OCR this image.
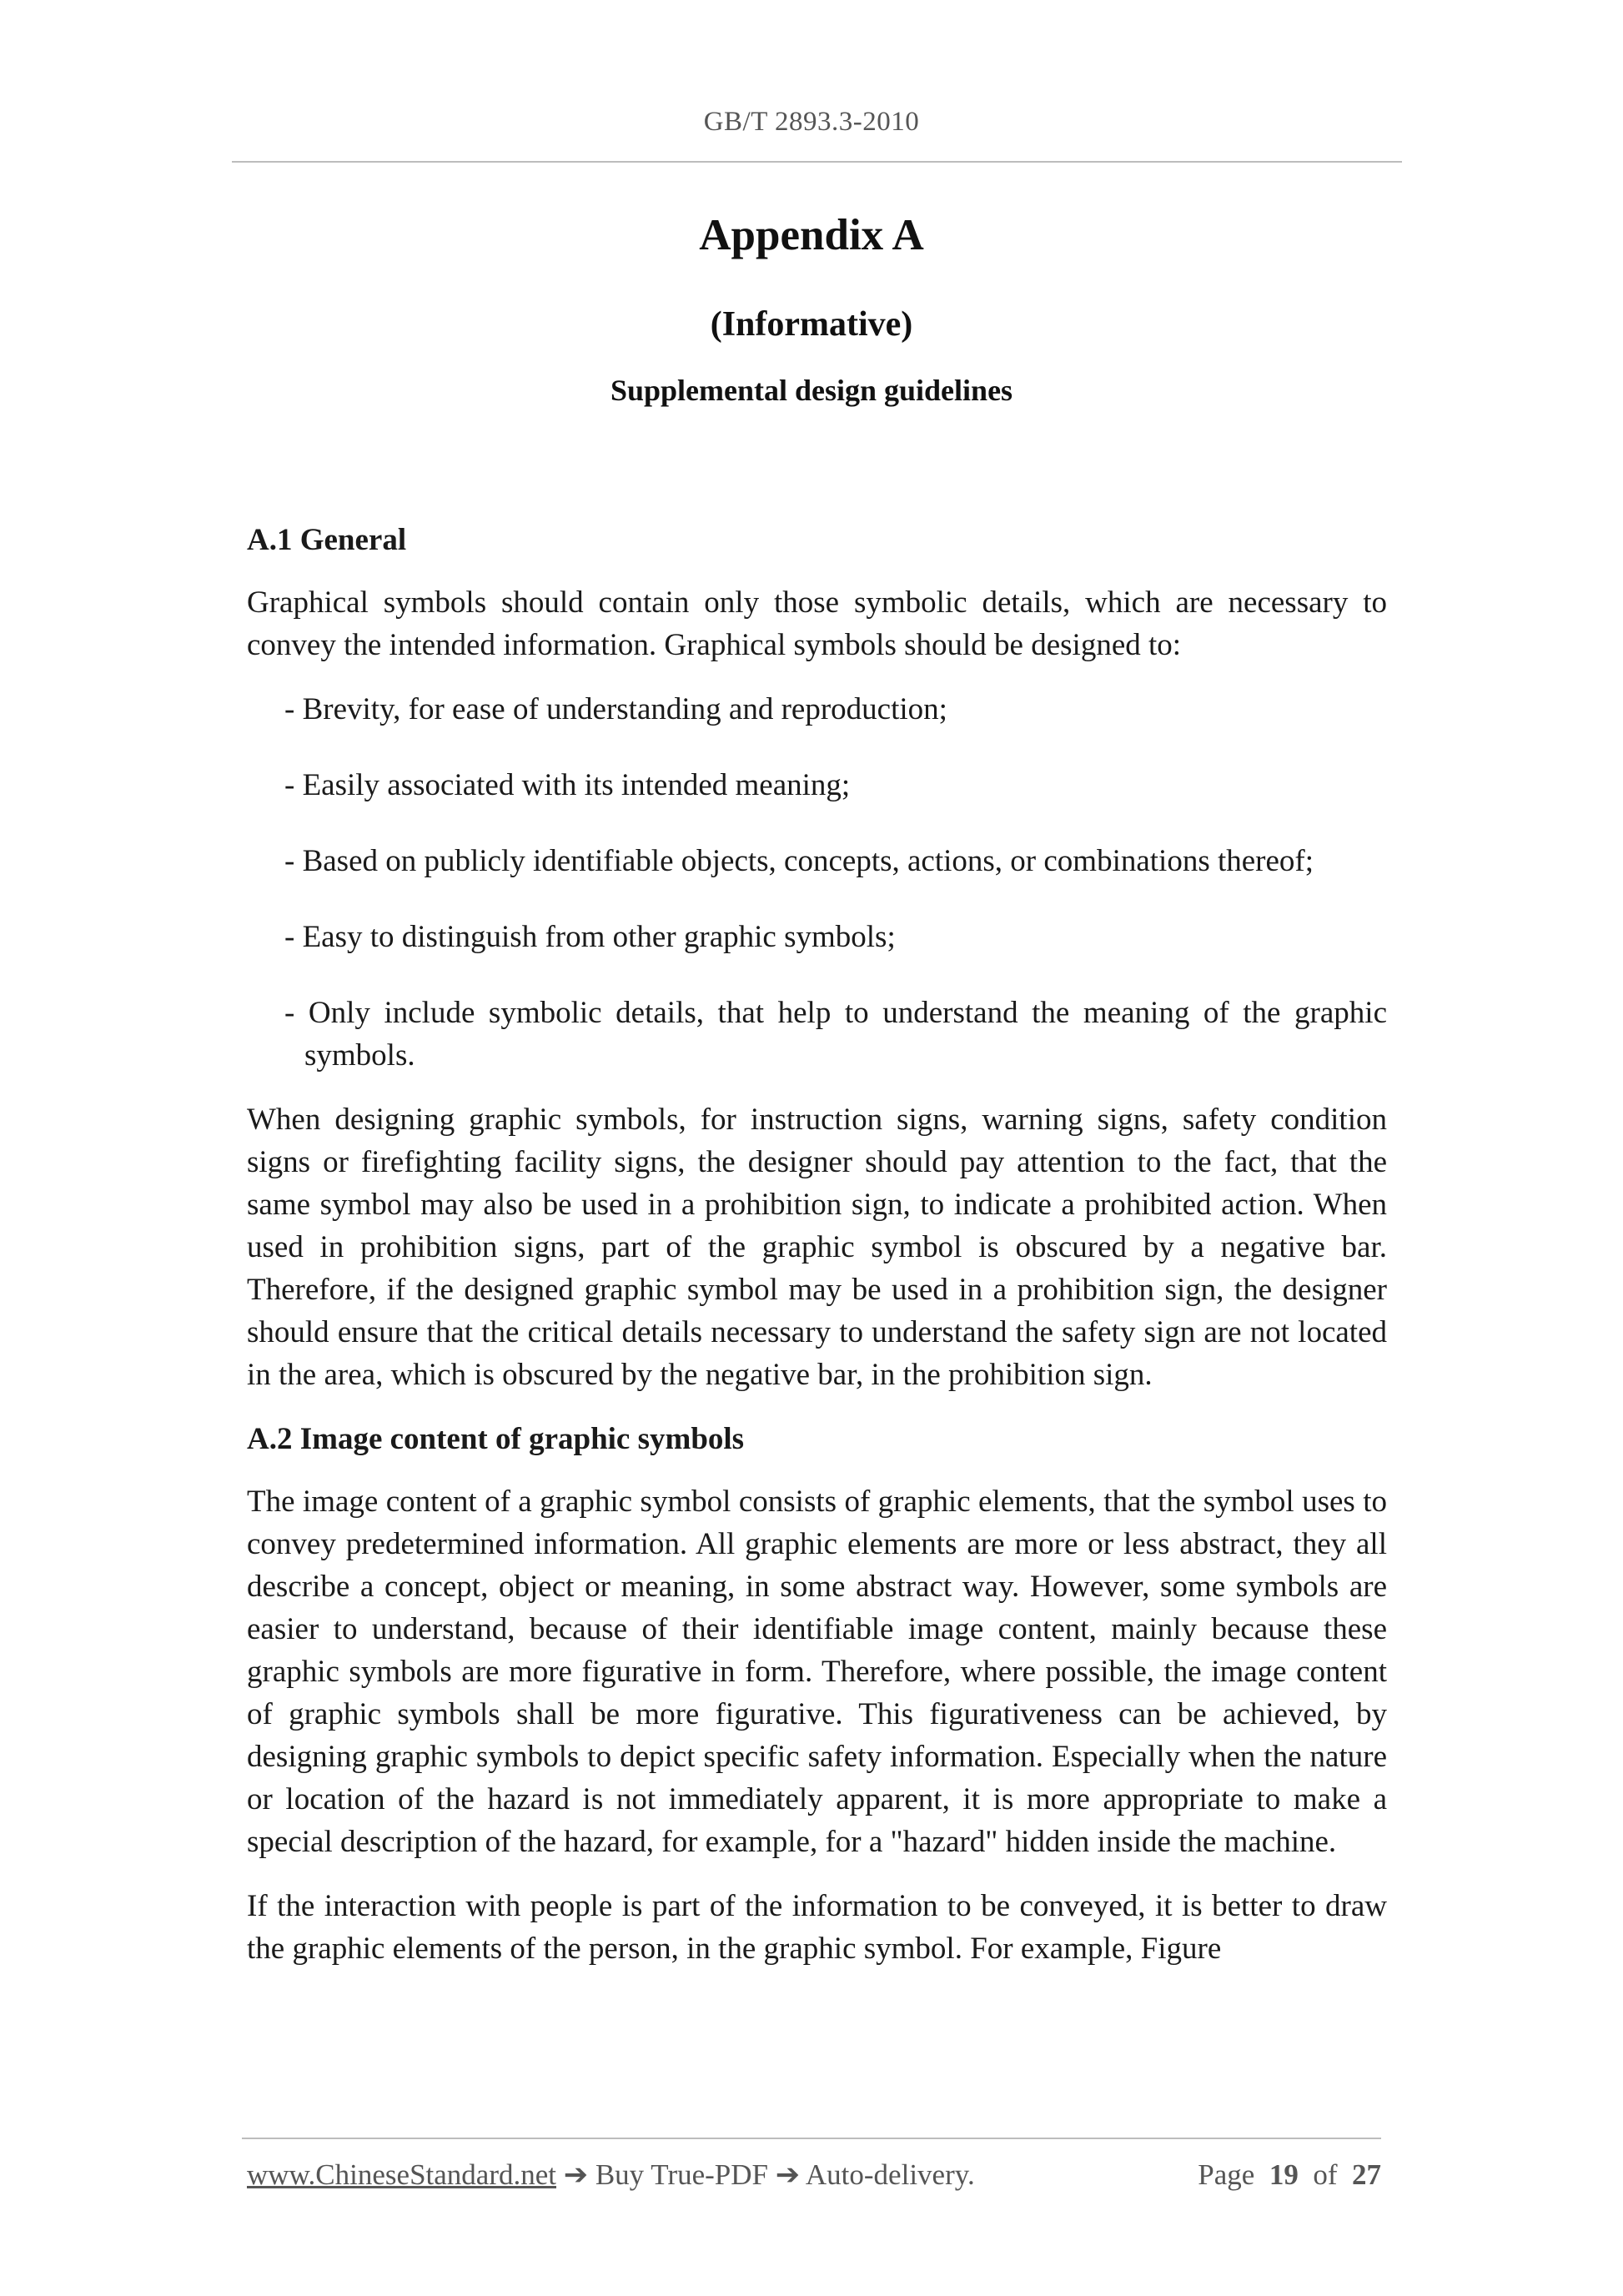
GB/T 2893.3-2010
Appendix A
(Informative)
Supplemental design guidelines
A.1 General

Graphical symbols should contain only those symbolic details, which are necessary to convey the intended information. Graphical symbols should be designed to:

- Brevity, for ease of understanding and reproduction;
- Easily associated with its intended meaning;
- Based on publicly identifiable objects, concepts, actions, or combinations thereof;
- Easy to distinguish from other graphic symbols;
- Only include symbolic details, that help to understand the meaning of the graphic symbols.

When designing graphic symbols, for instruction signs, warning signs, safety condition signs or firefighting facility signs, the designer should pay attention to the fact, that the same symbol may also be used in a prohibition sign, to indicate a prohibited action. When used in prohibition signs, part of the graphic symbol is obscured by a negative bar. Therefore, if the designed graphic symbol may be used in a prohibition sign, the designer should ensure that the critical details necessary to understand the safety sign are not located in the area, which is obscured by the negative bar, in the prohibition sign.

A.2 Image content of graphic symbols

The image content of a graphic symbol consists of graphic elements, that the symbol uses to convey predetermined information. All graphic elements are more or less abstract, they all describe a concept, object or meaning, in some abstract way. However, some symbols are easier to understand, because of their identifiable image content, mainly because these graphic symbols are more figurative in form. Therefore, where possible, the image content of graphic symbols shall be more figurative. This figurativeness can be achieved, by designing graphic symbols to depict specific safety information. Especially when the nature or location of the hazard is not immediately apparent, it is more appropriate to make a special description of the hazard, for example, for a "hazard" hidden inside the machine.

If the interaction with people is part of the information to be conveyed, it is better to draw the graphic elements of the person, in the graphic symbol. For example, Figure

www.ChineseStandard.net ➔ Buy True-PDF ➔ Auto-delivery.	Page 19 of 27
